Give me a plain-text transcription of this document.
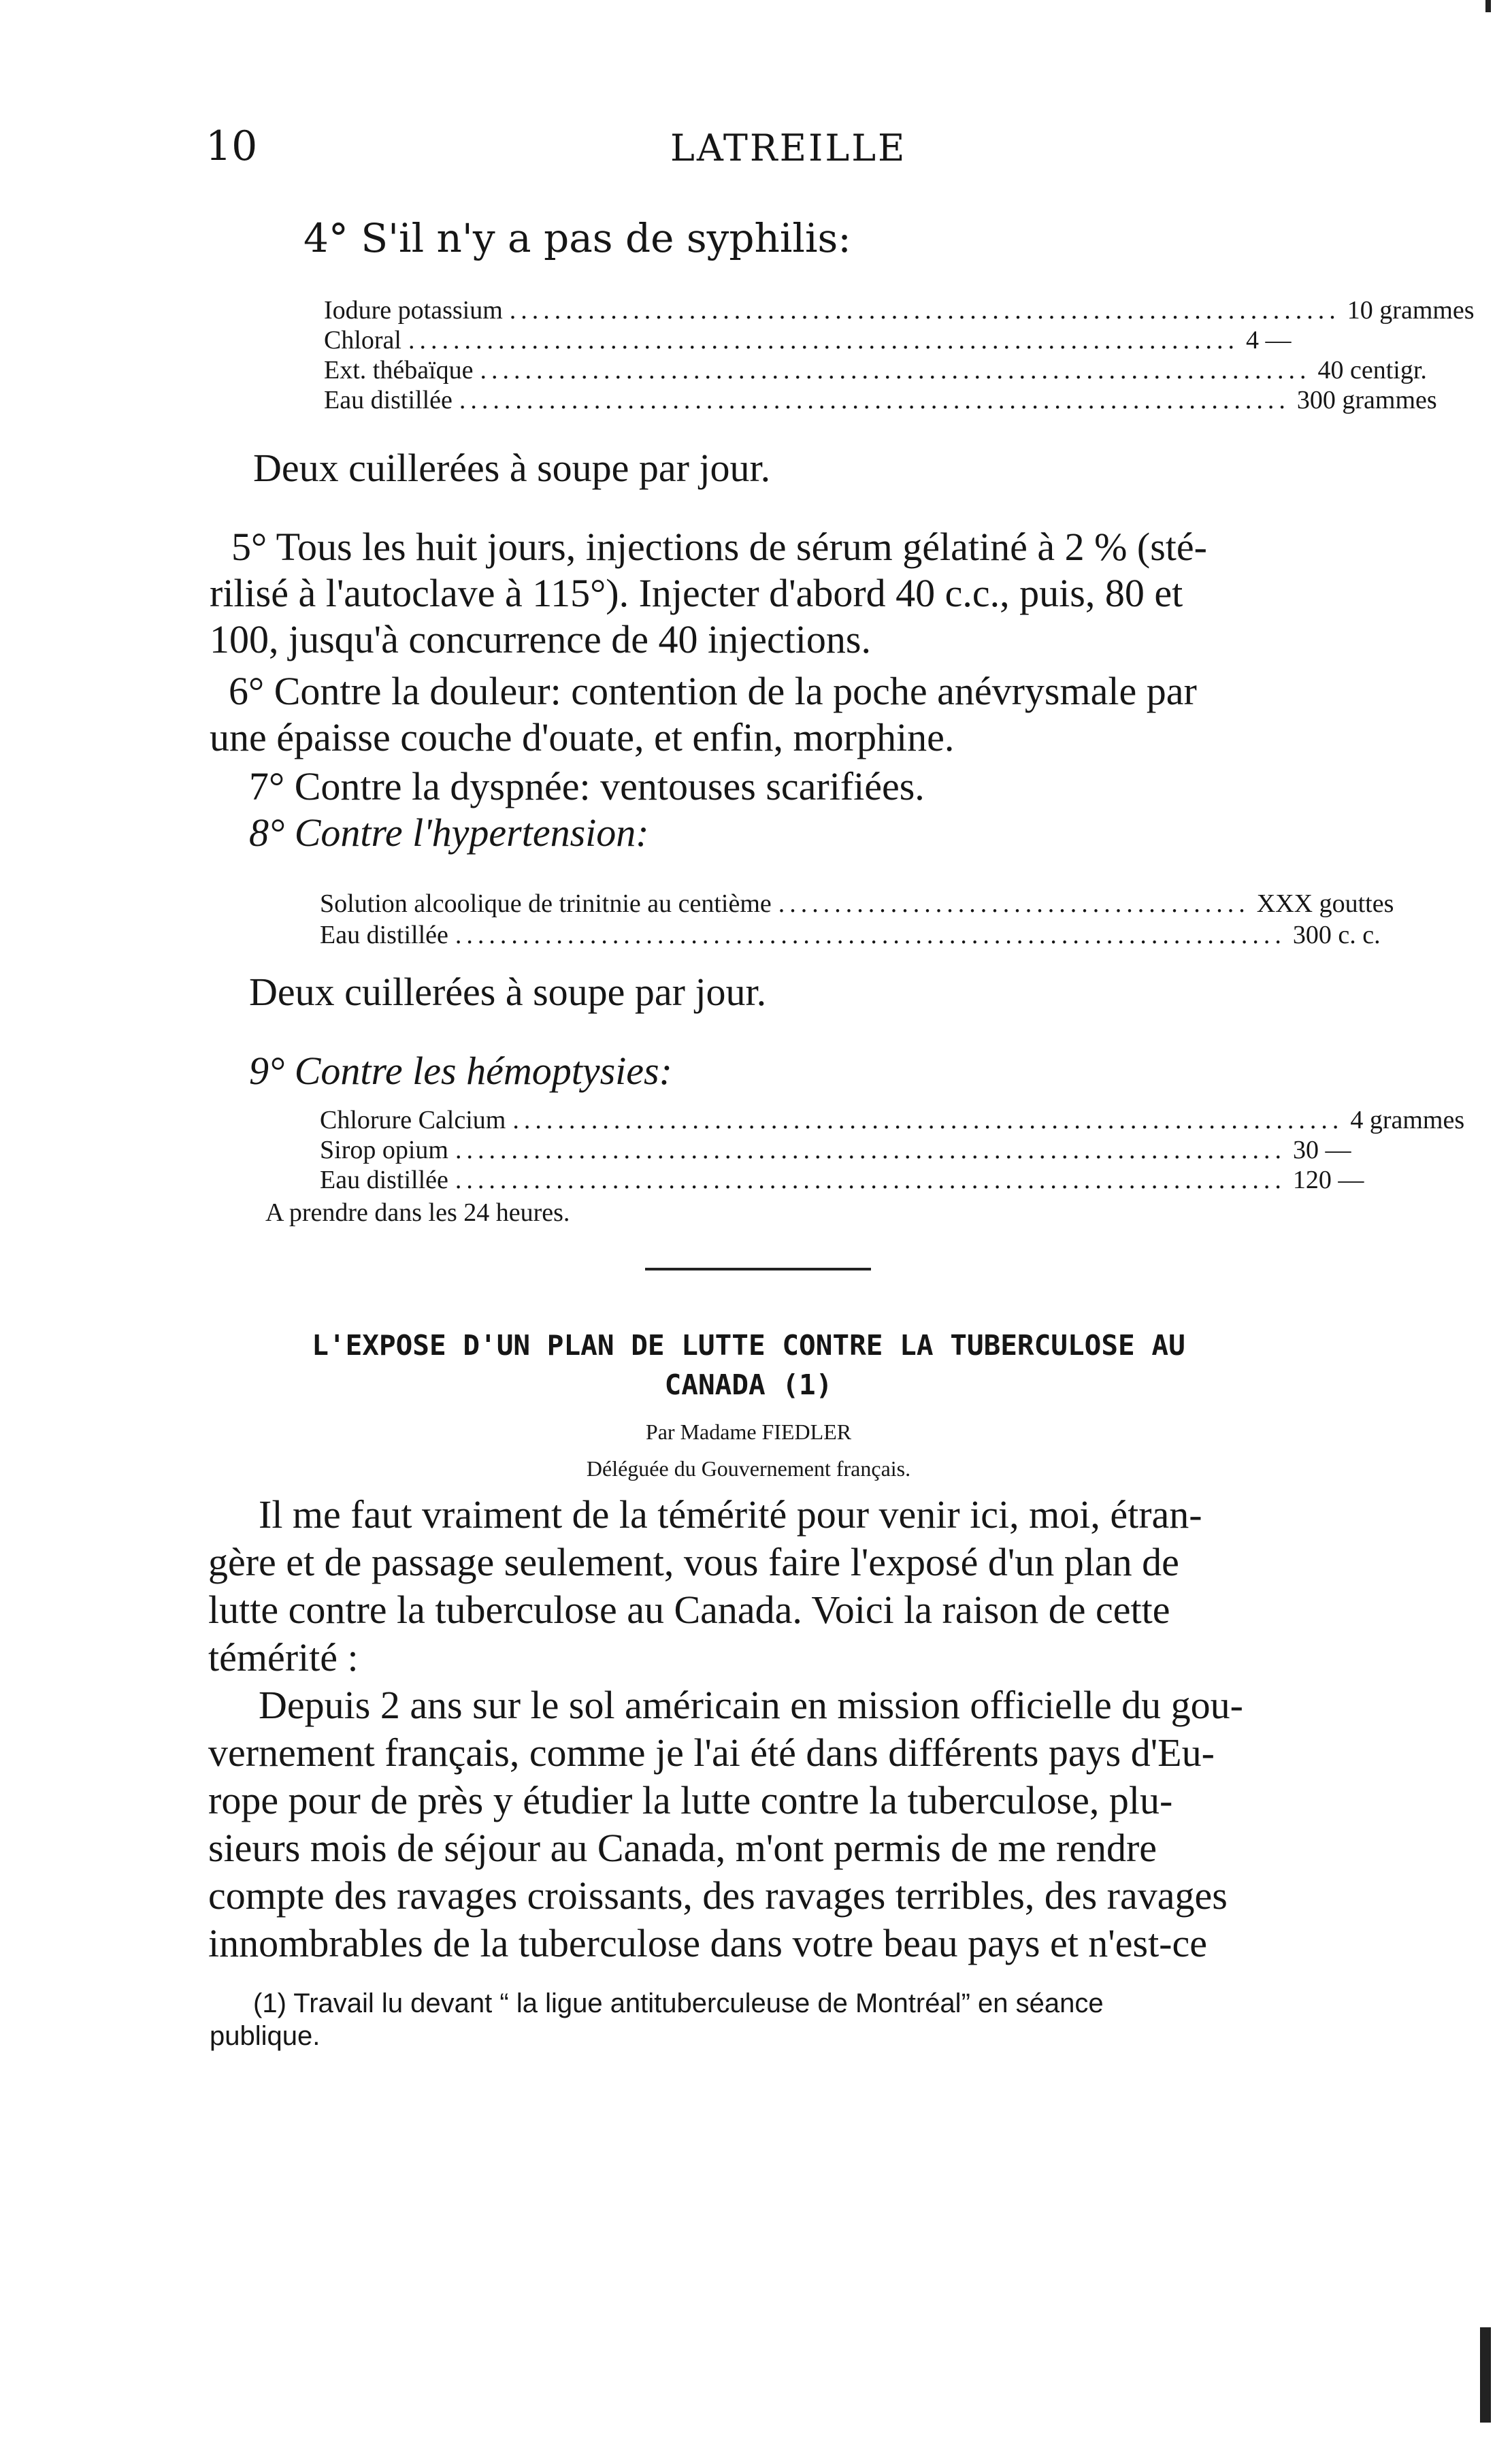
10	LATREILLE
4° S'il n'y a pas de syphilis:
Iodure potassium .......................................................................... 10 grammes
Chloral .......................................................................... 4 —
Ext. thébaïque .......................................................................... 40 centigr.
Eau distillée .......................................................................... 300 grammes
Deux cuillerées à soupe par jour.
5° Tous les huit jours, injections de sérum gélatiné à 2 % (sté-
rilisé à l'autoclave à 115°). Injecter d'abord 40 c.c., puis, 80 et
100, jusqu'à concurrence de 40 injections.
6° Contre la douleur: contention de la poche anévrysmale par
une épaisse couche d'ouate, et enfin, morphine.
7° Contre la dyspnée: ventouses scarifiées.
8° Contre l'hypertension:
Solution alcoolique de trinitnie au centième .......................................... XXX gouttes
Eau distillée .......................................................................... 300 c. c.
Deux cuillerées à soupe par jour.
9° Contre les hémoptysies:
Chlorure Calcium .......................................................................... 4 grammes
Sirop opium .......................................................................... 30 —
Eau distillée .......................................................................... 120 —
A prendre dans les 24 heures.
L'EXPOSE D'UN PLAN DE LUTTE CONTRE LA TUBERCULOSE AU
CANADA (1)
Par Madame FIEDLER
Déléguée du Gouvernement français.
Il me faut vraiment de la témérité pour venir ici, moi, étran-
gère et de passage seulement, vous faire l'exposé d'un plan de
lutte contre la tuberculose au Canada. Voici la raison de cette
témérité :
Depuis 2 ans sur le sol américain en mission officielle du gou-
vernement français, comme je l'ai été dans différents pays d'Eu-
rope pour de près y étudier la lutte contre la tuberculose, plu-
sieurs mois de séjour au Canada, m'ont permis de me rendre
compte des ravages croissants, des ravages terribles, des ravages
innombrables de la tuberculose dans votre beau pays et n'est-ce
(1) Travail lu devant “ la ligue antituberculeuse de Montréal” en séance
publique.
